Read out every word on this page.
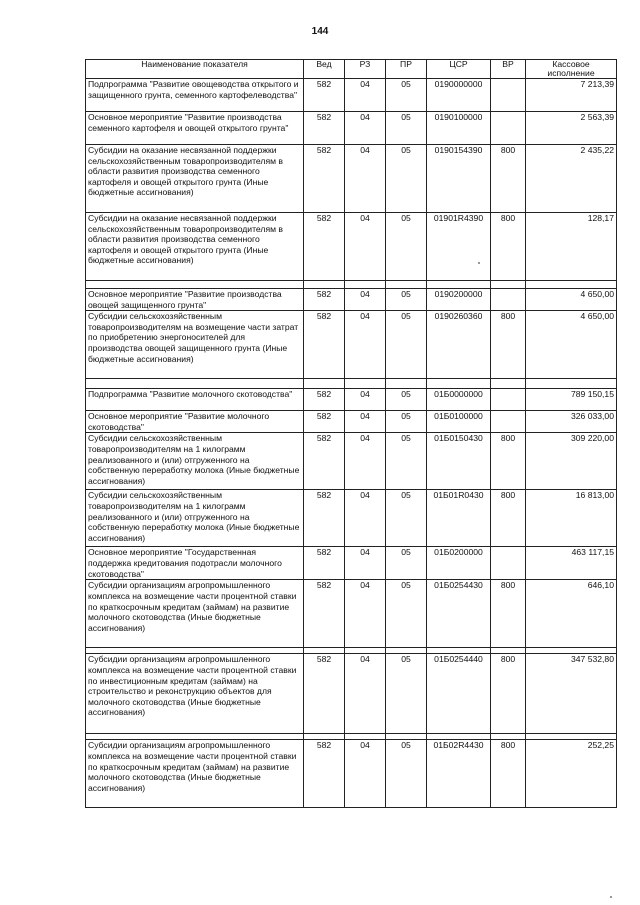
144
Наименование показателя	Вед	РЗ	ПР	ЦСР	ВР	Кассовое исполнение
Подпрограмма "Развитие овощеводства открытого и защищенного грунта, семенного картофелеводства"	582	04	05	0190000000		7 213,39
Основное мероприятие "Развитие производства семенного картофеля и овощей открытого грунта"	582	04	05	0190100000		2 563,39
Субсидии на оказание несвязанной поддержки сельскохозяйственным товаропроизводителям в области развития производства семенного картофеля и овощей открытого грунта (Иные бюджетные ассигнования)	582	04	05	0190154390	800	2 435,22
Субсидии на оказание несвязанной поддержки сельскохозяйственным товаропроизводителям в области развития производства семенного картофеля и овощей открытого грунта (Иные бюджетные ассигнования)	582	04	05	01901R4390	800	128,17

Основное мероприятие "Развитие производства овощей защищенного грунта"	582	04	05	0190200000		4 650,00
Субсидии сельскохозяйственным товаропроизводителям на возмещение части затрат по приобретению энергоносителей для производства овощей защищенного грунта (Иные бюджетные ассигнования)	582	04	05	0190260360	800	4 650,00

Подпрограмма "Развитие молочного скотоводства"	582	04	05	01Б0000000		789 150,15
Основное мероприятие "Развитие молочного скотоводства"	582	04	05	01Б0100000		326 033,00
Субсидии сельскохозяйственным товаропроизводителям на 1 килограмм реализованного и (или) отгруженного на собственную переработку молока (Иные бюджетные ассигнования)	582	04	05	01Б0150430	800	309 220,00
Субсидии сельскохозяйственным товаропроизводителям на 1 килограмм реализованного и (или) отгруженного на собственную переработку молока (Иные бюджетные ассигнования)	582	04	05	01Б01R0430	800	16 813,00
Основное мероприятие "Государственная поддержка кредитования подотрасли молочного скотоводства"	582	04	05	01Б0200000		463 117,15
Субсидии организациям агропромышленного комплекса на возмещение части процентной ставки по краткосрочным кредитам (займам) на развитие молочного скотоводства (Иные бюджетные ассигнования)	582	04	05	01Б0254430	800	646,10

Субсидии организациям агропромышленного комплекса на возмещение части процентной ставки по инвестиционным кредитам (займам) на строительство и реконструкцию объектов для молочного скотоводства (Иные бюджетные ассигнования)	582	04	05	01Б0254440	800	347 532,80

Субсидии организациям агропромышленного комплекса на возмещение части процентной ставки по краткосрочным кредитам (займам) на развитие молочного скотоводства (Иные бюджетные ассигнования)	582	04	05	01Б02R4430	800	252,25
